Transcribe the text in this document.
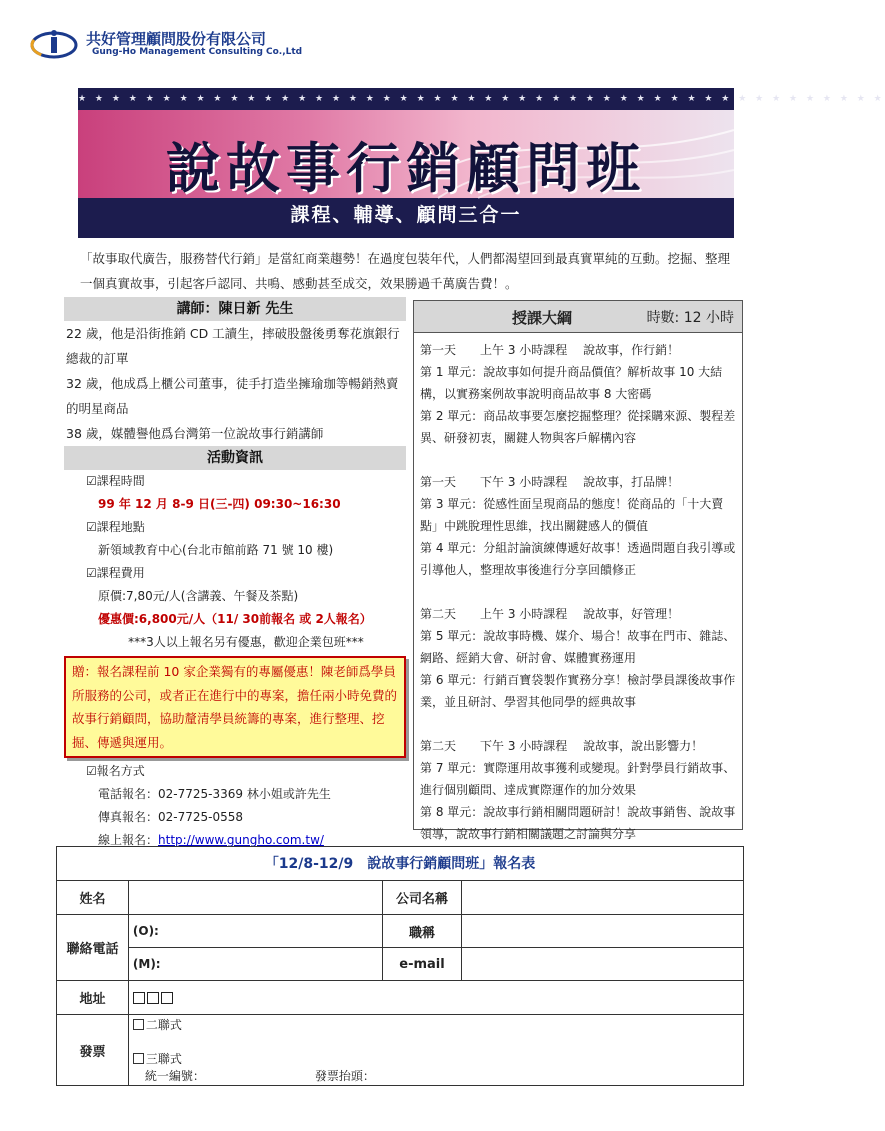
共好管理顧問股份有限公司
Gung-Ho Management Consulting Co.,Ltd
★ ★ ★ ★ ★ ★ ★ ★ ★ ★ ★ ★ ★ ★ ★ ★ ★ ★ ★ ★ ★ ★ ★ ★ ★ ★ ★ ★ ★ ★ ★ ★ ★ ★ ★ ★ ★ ★ ★ ★ ★ ★ ★ ★ ★ ★ ★ ★
說故事行銷顧問班
課程、輔導、顧問三合一
「故事取代廣告，服務替代行銷」是當紅商業趨勢！在過度包裝年代，人們都渴望回到最真實單純的互動。挖掘、整理一個真實故事，引起客戶認同、共鳴、感動甚至成交，效果勝過千萬廣告費！。
講師：陳日新 先生
22 歲，他是沿街推銷 CD 工讀生，摔破股盤後勇奪花旗銀行總裁的訂單
32 歲，他成爲上櫃公司董事，徒手打造坐擁瑜珈等暢銷熱賣的明星商品
38 歲，媒體譽他爲台灣第一位說故事行銷講師
活動資訊
☑課程時間
99 年 12 月 8-9 日(三-四) 09:30~16:30
☑課程地點
新領域教育中心(台北市館前路 71 號 10 樓)
☑課程費用
原價:7,80元/人(含講義、午餐及茶點)
優惠價:6,800元/人（11/ 30前報名 或 2人報名）
***3人以上報名另有優惠，歡迎企業包班***
贈：報名課程前 10 家企業獨有的專屬優惠！陳老師爲學員所服務的公司，或者正在進行中的專案，擔任兩小時免費的故事行銷顧問，協助釐清學員統籌的專案，進行整理、挖掘、傳遞與運用。
☑報名方式
電話報名：02-7725-3369 林小姐或許先生
傳真報名：02-7725-0558
線上報名：http://www.gungho.com.tw/
授課大綱	時數: 12 小時
第一天　　上午 3 小時課程　 說故事，作行銷！
第 1 單元：說故事如何提升商品價值？解析故事 10 大結構，以實務案例故事說明商品故事 8 大密碼
第 2 單元：商品故事要怎麼挖掘整理？從採購來源、製程差異、研發初衷，關鍵人物與客戶解構內容
第一天　　下午 3 小時課程　 說故事，打品牌！
第 3 單元：從感性面呈現商品的態度！從商品的「十大賣點」中跳脫理性思維，找出關鍵感人的價值
第 4 單元：分組討論演練傳遞好故事！透過問題自我引導或引導他人，整理故事後進行分享回饋修正
第二天　　上午 3 小時課程　 說故事，好管理！
第 5 單元：說故事時機、媒介、場合！故事在門市、雜誌、網路、經銷大會、研討會、媒體實務運用
第 6 單元：行銷百寶袋製作實務分享！檢討學員課後故事作業，並且研討、學習其他同學的經典故事
第二天　　下午 3 小時課程　 說故事，說出影響力！
第 7 單元：實際運用故事獲利或變現。針對學員行銷故事、進行個別顧問、達成實際運作的加分效果
第 8 單元：說故事行銷相關問題研討！說故事銷售、說故事領導，說故事行銷相關議題之討論與分享
「12/8-12/9　說故事行銷顧問班」報名表
姓名		公司名稱	
聯絡電話	(O):	職稱	
	(M):	e-mail	
地址			
發票	二聯式
三聯式
統一編號： 發票抬頭：		
